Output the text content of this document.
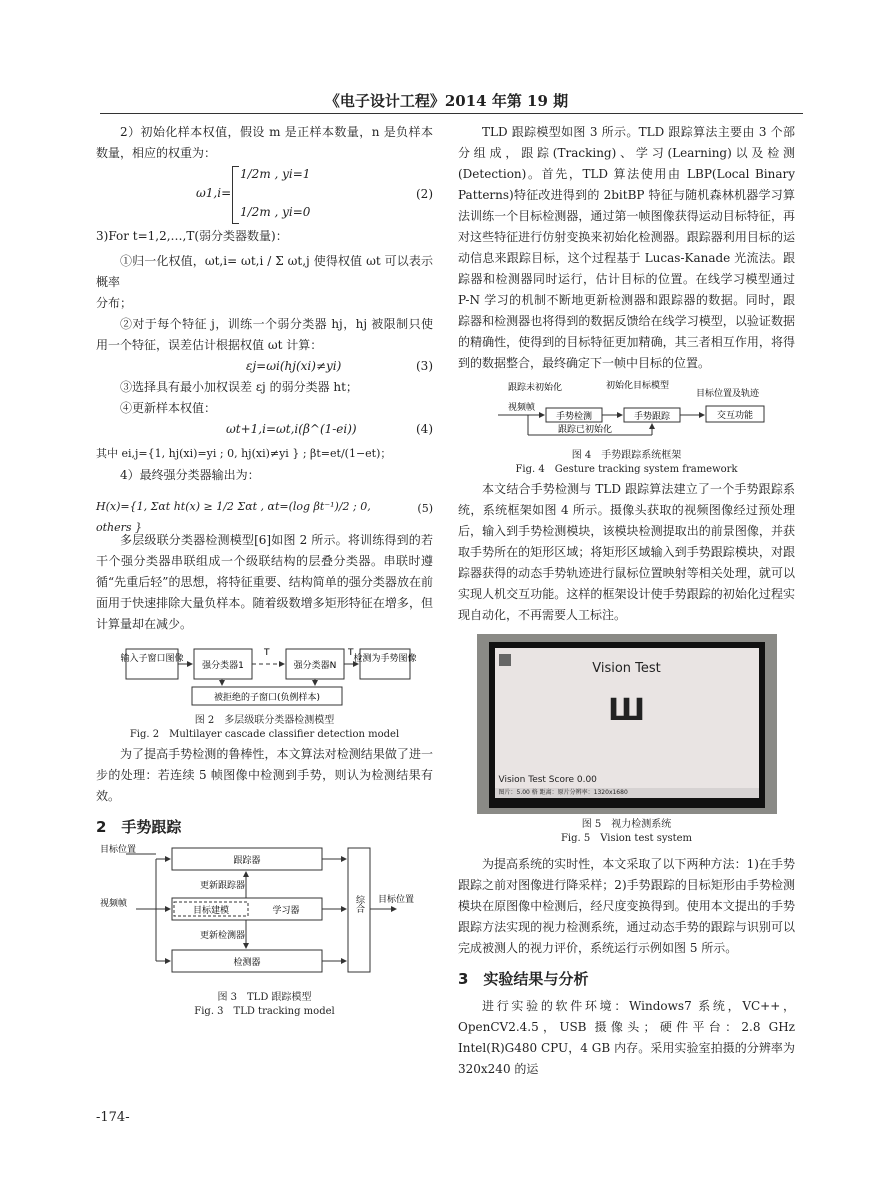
《电子设计工程》2014 年第 19 期

2）初始化样本权值，假设 m 是正样本数量，n 是负样本数量，相应的权重为：

1/2m , yi=1
ω1,i=
1/2m , yi=0
(2)

3)For t=1,2,…,T(弱分类器数量)：

①归一化权值，ωt,i= ωt,i / Σ ωt,j 使得权值 ωt 可以表示概率

分布；

②对于每个特征 j，训练一个弱分类器 hj，hj 被限制只使用一个特征，误差估计根据权值 ωt 计算：

εj=ωi(hj(xi)≠yi)	(3)

③选择具有最小加权误差 εj 的弱分类器 ht；

④更新样本权值：

ωt+1,i=ωt,i(β^(1-ei))	(4)

其中 ei,j={1, hj(xi)=yi ; 0, hj(xi)≠yi } ; βt=et/(1−et)；

4）最终强分类器输出为：

H(x)={1, Σαt ht(x) ≥ 1/2 Σαt , αt=(log βt⁻¹)/2 ; 0, others }
(5)

多层级联分类器检测模型[6]如图 2 所示。将训练得到的若干个强分类器串联组成一个级联结构的层叠分类器。串联时遵循“先重后轻”的思想，将特征重要、结构简单的强分类器放在前面用于快速排除大量负样本。随着级数增多矩形特征在增多，但计算量却在减少。

输入子窗口图像
强分类器1	强分类器N
检测为手势图像
T	T
被拒绝的子窗口(负例样本)
图 2　多层级联分类器检测模型
Fig. 2　Multilayer cascade classifier detection model

为了提高手势检测的鲁棒性，本文算法对检测结果做了进一步的处理：若连续 5 帧图像中检测到手势，则认为检测结果有效。

2　手势跟踪
目标位置
视频帧
跟踪器
更新跟踪器
目标建模	学习器
更新检测器
检测器
综合 目标位置
图 3　TLD 跟踪模型
Fig. 3　TLD tracking model

TLD 跟踪模型如图 3 所示。TLD 跟踪算法主要由 3 个部分组成，跟踪(Tracking)、学习(Learning)以及检测(Detection)。首先，TLD 算法使用由 LBP(Local Binary Patterns)特征改进得到的 2bitBP 特征与随机森林机器学习算法训练一个目标检测器，通过第一帧图像获得运动目标特征，再对这些特征进行仿射变换来初始化检测器。跟踪器利用目标的运动信息来跟踪目标，这个过程基于 Lucas-Kanade 光流法。跟踪器和检测器同时运行，估计目标的位置。在线学习模型通过 P-N 学习的机制不断地更新检测器和跟踪器的数据。同时，跟踪器和检测器也将得到的数据反馈给在线学习模型，以验证数据的精确性，使得到的目标特征更加精确，其三者相互作用，将得到的数据整合，最终确定下一帧中目标的位置。

跟踪未初始化	初始化目标模型
目标位置及轨迹
视频帧
手势检测	手势跟踪	交互功能
跟踪已初始化
图 4　手势跟踪系统框架
Fig. 4　Gesture tracking system framework

本文结合手势检测与 TLD 跟踪算法建立了一个手势跟踪系统，系统框架如图 4 所示。摄像头获取的视频图像经过预处理后，输入到手势检测模块，该模块检测提取出的前景图像，并获取手势所在的矩形区域；将矩形区域输入到手势跟踪模块，对跟踪器获得的动态手势轨迹进行鼠标位置映射等相关处理，就可以实现人机交互功能。这样的框架设计使手势跟踪的初始化过程实现自动化，不再需要人工标注。

Vision Test
Ш
Vision Test Score 0.00
图片：5.00 格 距离：原片分辨率：1320x1680
图 5　视力检测系统
Fig. 5　Vision test system

为提高系统的实时性，本文采取了以下两种方法：1)在手势跟踪之前对图像进行降采样；2)手势跟踪的目标矩形由手势检测模块在原图像中检测后，经尺度变换得到。使用本文提出的手势跟踪方法实现的视力检测系统，通过动态手势的跟踪与识别可以完成被测人的视力评价，系统运行示例如图 5 所示。

3　实验结果与分析

进行实验的软件环境：Windows7 系统，VC++，OpenCV2.4.5，USB 摄像头；硬件平台：2.8 GHz Intel(R)G480 CPU，4 GB 内存。采用实验室拍摄的分辨率为 320x240 的运

-174-
